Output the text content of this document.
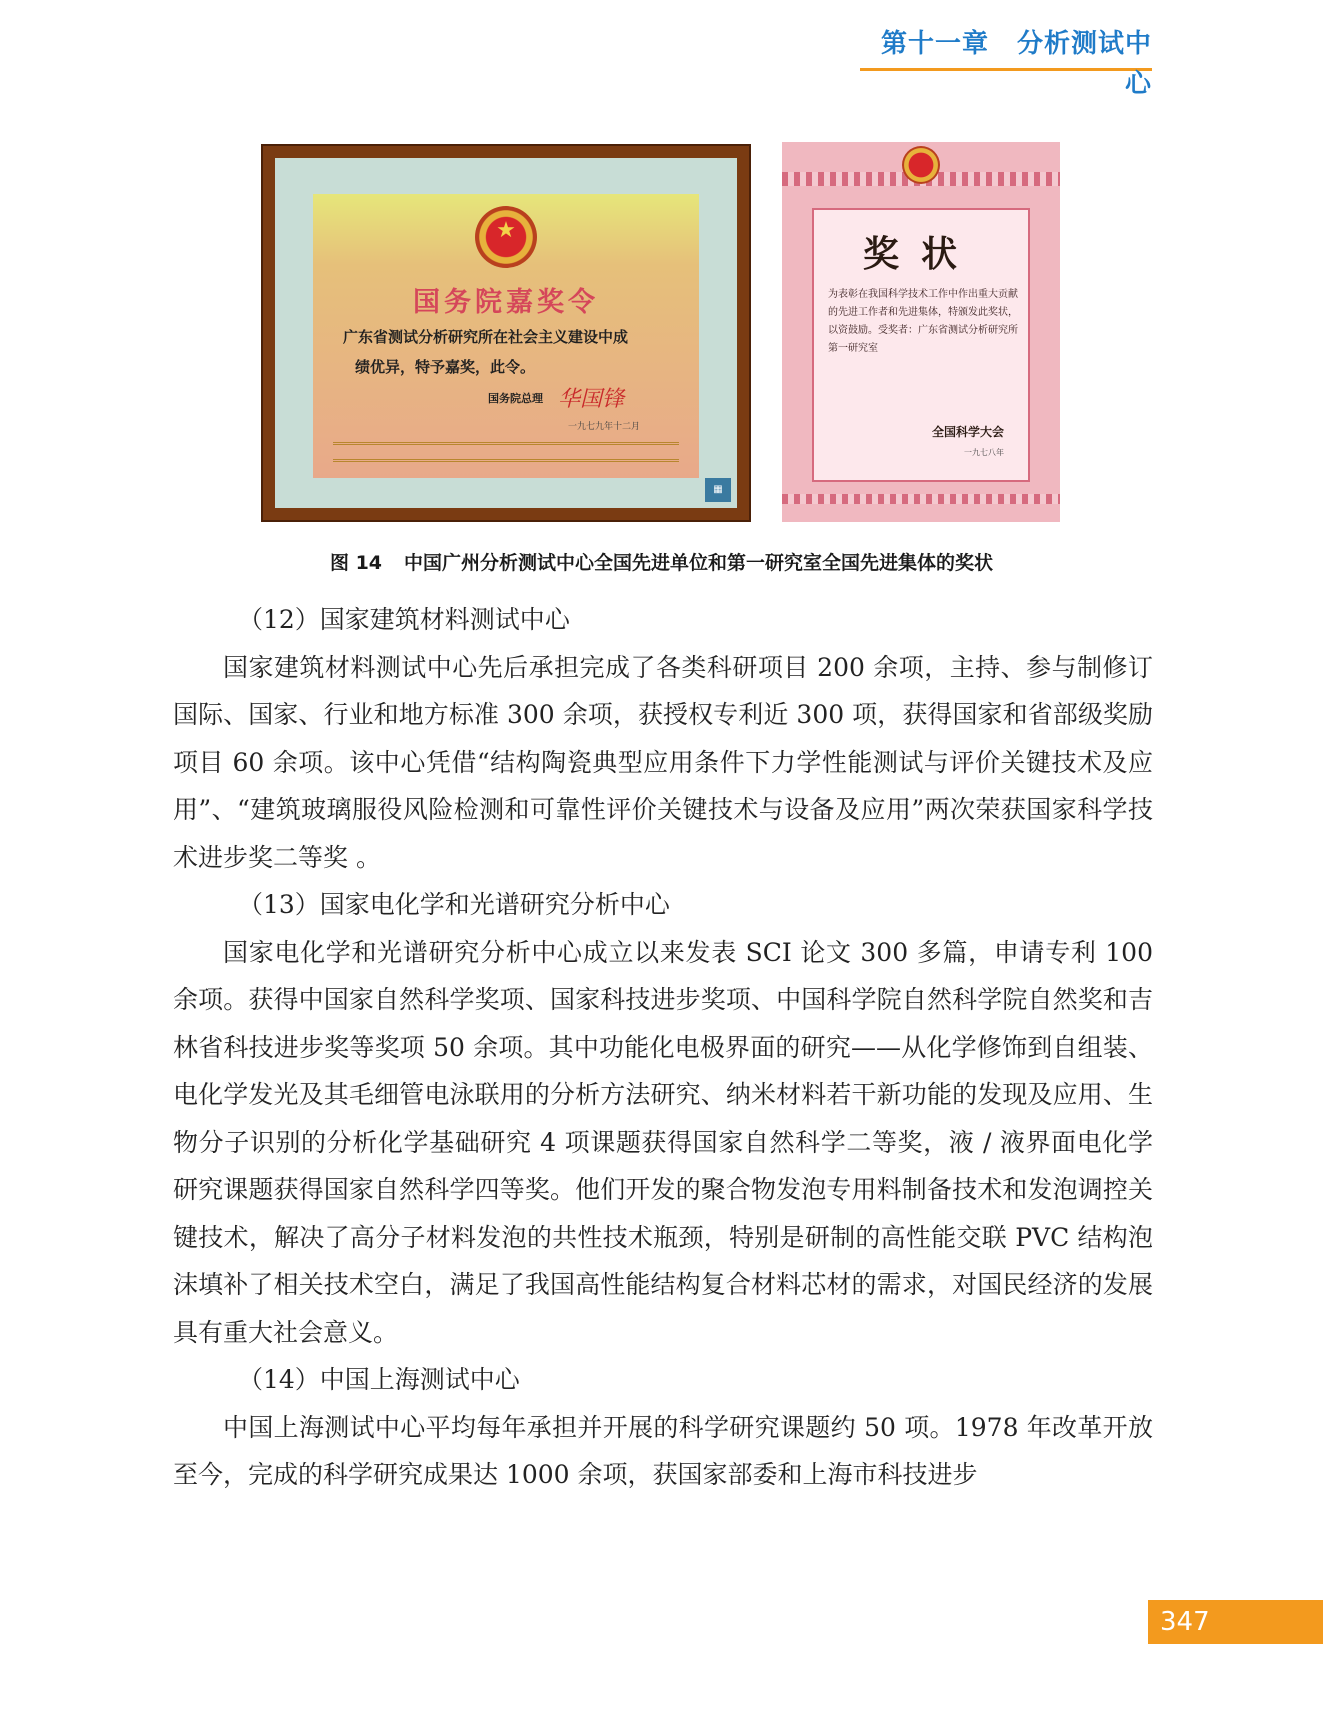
第十一章 分析测试中心
★
国务院嘉奖令
广东省测试分析研究所在社会主义建设中成
绩优异，特予嘉奖，此令。
国务院总理 华国锋
一九七九年十二月
▦
奖状
为表彰在我国科学技术工作中作出重大贡献的先进工作者和先进集体，特颁发此奖状，以资鼓励。受奖者：广东省测试分析研究所第一研究室
全国科学大会
一九七八年
图 14 中国广州分析测试中心全国先进单位和第一研究室全国先进集体的奖状

（12）国家建筑材料测试中心

国家建筑材料测试中心先后承担完成了各类科研项目 200 余项，主持、参与制修订国际、国家、行业和地方标准 300 余项，获授权专利近 300 项，获得国家和省部级奖励项目 60 余项。该中心凭借“结构陶瓷典型应用条件下力学性能测试与评价关键技术及应用”、“建筑玻璃服役风险检测和可靠性评价关键技术与设备及应用”两次荣获国家科学技术进步奖二等奖 。

（13）国家电化学和光谱研究分析中心

国家电化学和光谱研究分析中心成立以来发表 SCI 论文 300 多篇，申请专利 100 余项。获得中国家自然科学奖项、国家科技进步奖项、中国科学院自然科学院自然奖和吉林省科技进步奖等奖项 50 余项。其中功能化电极界面的研究——从化学修饰到自组装、电化学发光及其毛细管电泳联用的分析方法研究、纳米材料若干新功能的发现及应用、生物分子识别的分析化学基础研究 4 项课题获得国家自然科学二等奖，液 / 液界面电化学研究课题获得国家自然科学四等奖。他们开发的聚合物发泡专用料制备技术和发泡调控关键技术，解决了高分子材料发泡的共性技术瓶颈，特别是研制的高性能交联 PVC 结构泡沫填补了相关技术空白，满足了我国高性能结构复合材料芯材的需求，对国民经济的发展具有重大社会意义。

（14）中国上海测试中心

中国上海测试中心平均每年承担并开展的科学研究课题约 50 项。1978 年改革开放至今，完成的科学研究成果达 1000 余项，获国家部委和上海市科技进步

347
